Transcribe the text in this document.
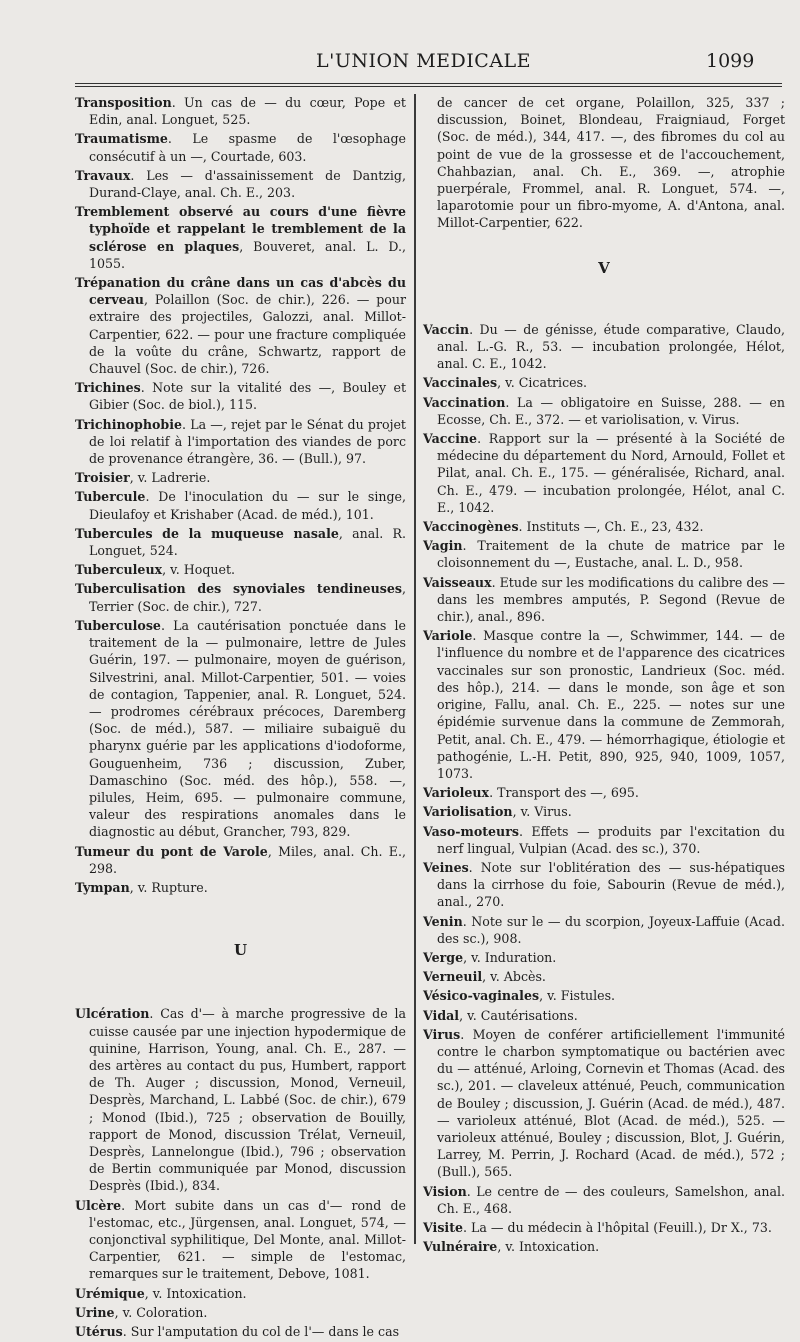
L'UNION MEDICALE	1099

Transposition. Un cas de — du cœur, Pope et Edin, anal. Longuet, 525.

Traumatisme. Le spasme de l'œsophage consécutif à un —, Courtade, 603.

Travaux. Les — d'assainissement de Dantzig, Durand-Claye, anal. Ch. E., 203.

Tremblement observé au cours d'une fièvre typhoïde et rappelant le tremblement de la sclérose en plaques, Bouveret, anal. L. D., 1055.

Trépanation du crâne dans un cas d'abcès du cerveau, Polaillon (Soc. de chir.), 226. — pour extraire des projectiles, Galozzi, anal. Millot-Carpentier, 622. — pour une fracture compliquée de la voûte du crâne, Schwartz, rapport de Chauvel (Soc. de chir.), 726.

Trichines. Note sur la vitalité des —, Bouley et Gibier (Soc. de biol.), 115.

Trichinophobie. La —, rejet par le Sénat du projet de loi relatif à l'importation des viandes de porc de provenance étrangère, 36. — (Bull.), 97.

Troisier, v. Ladrerie.

Tubercule. De l'inoculation du — sur le singe, Dieulafoy et Krishaber (Acad. de méd.), 101.

Tubercules de la muqueuse nasale, anal. R. Longuet, 524.

Tuberculeux, v. Hoquet.

Tuberculisation des synoviales tendineuses, Terrier (Soc. de chir.), 727.

Tuberculose. La cautérisation ponctuée dans le traitement de la — pulmonaire, lettre de Jules Guérin, 197. — pulmonaire, moyen de guérison, Silvestrini, anal. Millot-Carpentier, 501. — voies de contagion, Tappenier, anal. R. Longuet, 524. — prodromes cérébraux précoces, Daremberg (Soc. de méd.), 587. — miliaire subaiguë du pharynx guérie par les applications d'iodoforme, Gouguenheim, 736 ; discussion, Zuber, Damaschino (Soc. méd. des hôp.), 558. —, pilules, Heim, 695. — pulmonaire commune, valeur des respirations anomales dans le diagnostic au début, Grancher, 793, 829.

Tumeur du pont de Varole, Miles, anal. Ch. E., 298.

Tympan, v. Rupture.

U

Ulcération. Cas d'— à marche progressive de la cuisse causée par une injection hypodermique de quinine, Harrison, Young, anal. Ch. E., 287. — des artères au contact du pus, Humbert, rapport de Th. Auger ; discussion, Monod, Verneuil, Desprès, Marchand, L. Labbé (Soc. de chir.), 679 ; Monod (Ibid.), 725 ; observation de Bouilly, rapport de Monod, discussion Trélat, Verneuil, Desprès, Lannelongue (Ibid.), 796 ; observation de Bertin communiquée par Monod, discussion Desprès (Ibid.), 834.

Ulcère. Mort subite dans un cas d'— rond de l'estomac, etc., Jürgensen, anal. Longuet, 574, — conjonctival syphilitique, Del Monte, anal. Millot-Carpentier, 621. — simple de l'estomac, remarques sur le traitement, Debove, 1081.

Urémique, v. Intoxication.

Urine, v. Coloration.

Utérus. Sur l'amputation du col de l'— dans le cas

de cancer de cet organe, Polaillon, 325, 337 ; discussion, Boinet, Blondeau, Fraigniaud, Forget (Soc. de méd.), 344, 417. —, des fibromes du col au point de vue de la grossesse et de l'accouchement, Chahbazian, anal. Ch. E., 369. —, atrophie puerpérale, Frommel, anal. R. Longuet, 574. —, laparotomie pour un fibro-myome, A. d'Antona, anal. Millot-Carpentier, 622.

V

Vaccin. Du — de génisse, étude comparative, Claudo, anal. L.-G. R., 53. — incubation prolongée, Hélot, anal. C. E., 1042.

Vaccinales, v. Cicatrices.

Vaccination. La — obligatoire en Suisse, 288. — en Ecosse, Ch. E., 372. — et variolisation, v. Virus.

Vaccine. Rapport sur la — présenté à la Société de médecine du département du Nord, Arnould, Follet et Pilat, anal. Ch. E., 175. — généralisée, Richard, anal. Ch. E., 479. — incubation prolongée, Hélot, anal C. E., 1042.

Vaccinogènes. Instituts —, Ch. E., 23, 432.

Vagin. Traitement de la chute de matrice par le cloisonnement du —, Eustache, anal. L. D., 958.

Vaisseaux. Etude sur les modifications du calibre des — dans les membres amputés, P. Segond (Revue de chir.), anal., 896.

Variole. Masque contre la —, Schwimmer, 144. — de l'influence du nombre et de l'apparence des cicatrices vaccinales sur son pronostic, Landrieux (Soc. méd. des hôp.), 214. — dans le monde, son âge et son origine, Fallu, anal. Ch. E., 225. — notes sur une épidémie survenue dans la commune de Zemmorah, Petit, anal. Ch. E., 479. — hémorrhagique, étiologie et pathogénie, L.-H. Petit, 890, 925, 940, 1009, 1057, 1073.

Varioleux. Transport des —, 695.

Variolisation, v. Virus.

Vaso-moteurs. Effets — produits par l'excitation du nerf lingual, Vulpian (Acad. des sc.), 370.

Veines. Note sur l'oblitération des — sus-hépatiques dans la cirrhose du foie, Sabourin (Revue de méd.), anal., 270.

Venin. Note sur le — du scorpion, Joyeux-Laffuie (Acad. des sc.), 908.

Verge, v. Induration.

Verneuil, v. Abcès.

Vésico-vaginales, v. Fistules.

Vidal, v. Cautérisations.

Virus. Moyen de conférer artificiellement l'immunité contre le charbon symptomatique ou bactérien avec du — atténué, Arloing, Cornevin et Thomas (Acad. des sc.), 201. — claveleux atténué, Peuch, communication de Bouley ; discussion, J. Guérin (Acad. de méd.), 487. — varioleux atténué, Blot (Acad. de méd.), 525. — varioleux atténué, Bouley ; discussion, Blot, J. Guérin, Larrey, M. Perrin, J. Rochard (Acad. de méd.), 572 ; (Bull.), 565.

Vision. Le centre de — des couleurs, Samelshon, anal. Ch. E., 468.

Visite. La — du médecin à l'hôpital (Feuill.), Dr X., 73.

Vulnéraire, v. Intoxication.
